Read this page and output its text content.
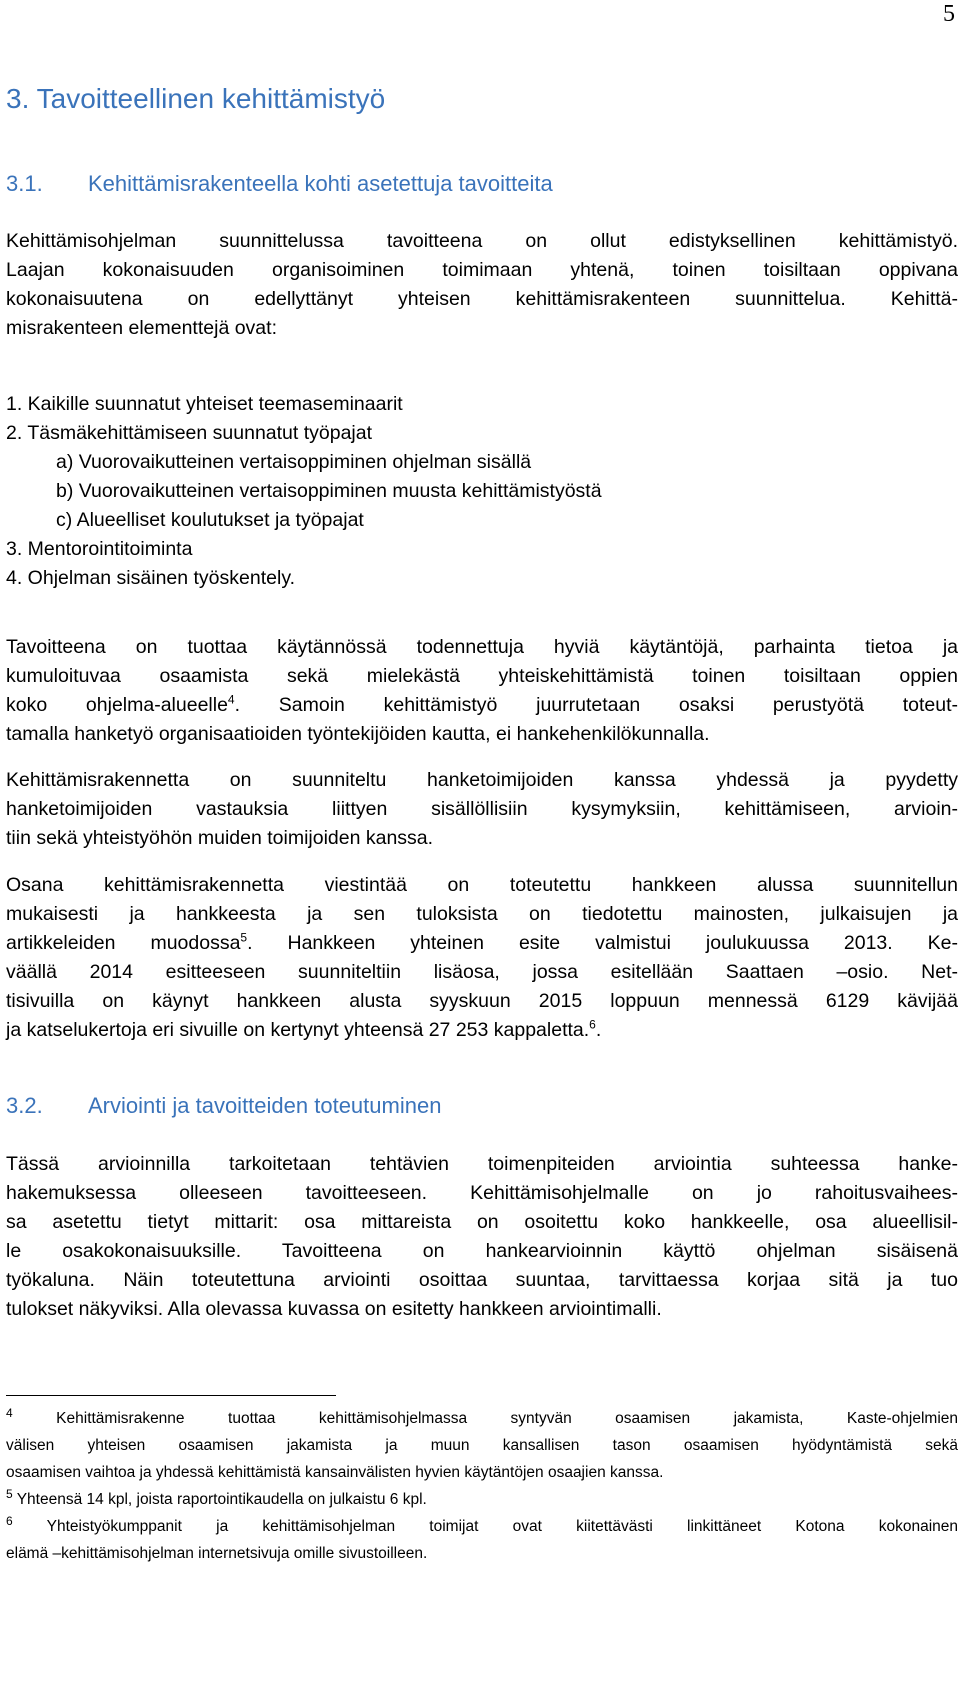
5
3. Tavoitteellinen kehittämistyö
3.1. Kehittämisrakenteella kohti asetettuja tavoitteita
Kehittämisohjelman suunnittelussa tavoitteena on ollut edistyksellinen kehittämistyö.
Laajan kokonaisuuden organisoiminen toimimaan yhtenä, toinen toisiltaan oppivana
kokonaisuutena on edellyttänyt yhteisen kehittämisrakenteen suunnittelua. Kehittä-
misrakenteen elementtejä ovat:
1. Kaikille suunnatut yhteiset teemaseminaarit
2. Täsmäkehittämiseen suunnatut työpajat
a) Vuorovaikutteinen vertaisoppiminen ohjelman sisällä
b) Vuorovaikutteinen vertaisoppiminen muusta kehittämistyöstä
c) Alueelliset koulutukset ja työpajat
3. Mentorointitoiminta
4. Ohjelman sisäinen työskentely.
Tavoitteena on tuottaa käytännössä todennettuja hyviä käytäntöjä, parhainta tietoa ja
kumuloituvaa osaamista sekä mielekästä yhteiskehittämistä toinen toisiltaan oppien
koko ohjelma-alueelle$^4$. Samoin kehittämistyö juurrutetaan osaksi perustyötä toteut-
tamalla hanketyö organisaatioiden työntekijöiden kautta, ei hankehenkilökunnalla.
Kehittämisrakennetta on suunniteltu hanketoimijoiden kanssa yhdessä ja pyydetty
hanketoimijoiden vastauksia liittyen sisällöllisiin kysymyksiin, kehittämiseen, arvioin-
tiin sekä yhteistyöhön muiden toimijoiden kanssa.
Osana kehittämisrakennetta viestintää on toteutettu hankkeen alussa suunnitellun
mukaisesti ja hankkeesta ja sen tuloksista on tiedotettu mainosten, julkaisujen ja
artikkeleiden muodossa$^5$. Hankkeen yhteinen esite valmistui joulukuussa 2013. Ke-
väällä 2014 esitteeseen suunniteltiin lisäosa, jossa esitellään Saattaen –osio. Net-
tisivuilla on käynyt hankkeen alusta syyskuun 2015 loppuun mennessä 6129 kävijää
ja katselukertoja eri sivuille on kertynyt yhteensä 27 253 kappaletta.$^6$.
3.2. Arviointi ja tavoitteiden toteutuminen
Tässä arvioinnilla tarkoitetaan tehtävien toimenpiteiden arviointia suhteessa hanke-
hakemuksessa olleeseen tavoitteeseen. Kehittämisohjelmalle on jo rahoitusvaihees-
sa asetettu tietyt mittarit: osa mittareista on osoitettu koko hankkeelle, osa alueellisil-
le osakokonaisuuksille. Tavoitteena on hankearvioinnin käyttö ohjelman sisäisenä
työkaluna. Näin toteutettuna arviointi osoittaa suuntaa, tarvittaessa korjaa sitä ja tuo
tulokset näkyviksi. Alla olevassa kuvassa on esitetty hankkeen arviointimalli.
$^4$	Kehittämisrakenne tuottaa kehittämisohjelmassa syntyvän osaamisen jakamista, Kaste-ohjelmien
välisen yhteisen osaamisen jakamista ja muun kansallisen tason osaamisen hyödyntämistä sekä
osaamisen vaihtoa ja yhdessä kehittämistä kansainvälisten hyvien käytäntöjen osaajien kanssa.
$^5$ Yhteensä 14 kpl, joista raportointikaudella on julkaistu 6 kpl.
$^6$ Yhteistyökumppanit ja kehittämisohjelman toimijat ovat kiitettävästi linkittäneet Kotona kokonainen
elämä –kehittämisohjelman internetsivuja omille sivustoilleen.
